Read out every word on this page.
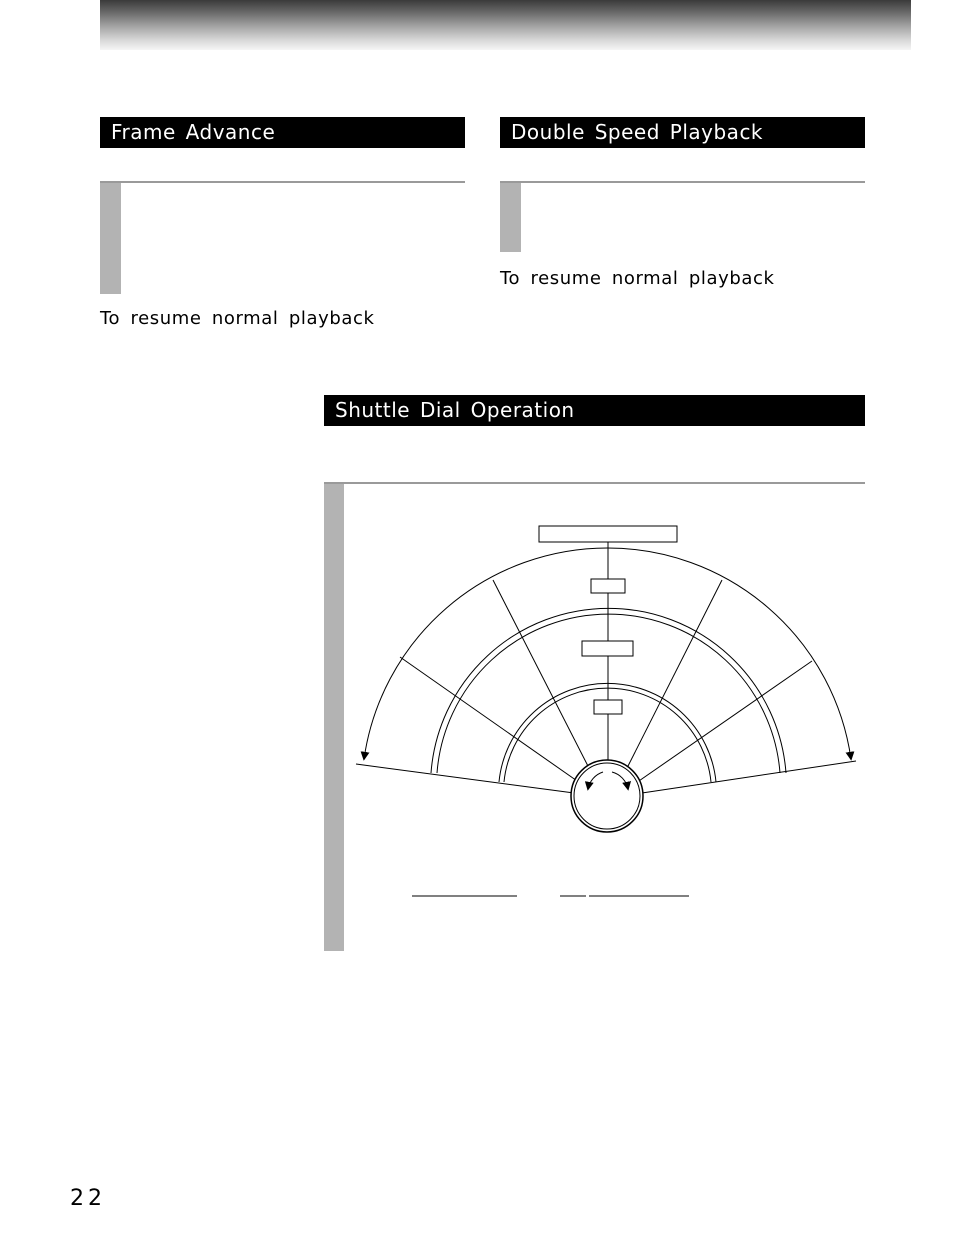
Frame Advance
To resume normal playback
Double Speed Playback
To resume normal playback
Shuttle Dial Operation
22
